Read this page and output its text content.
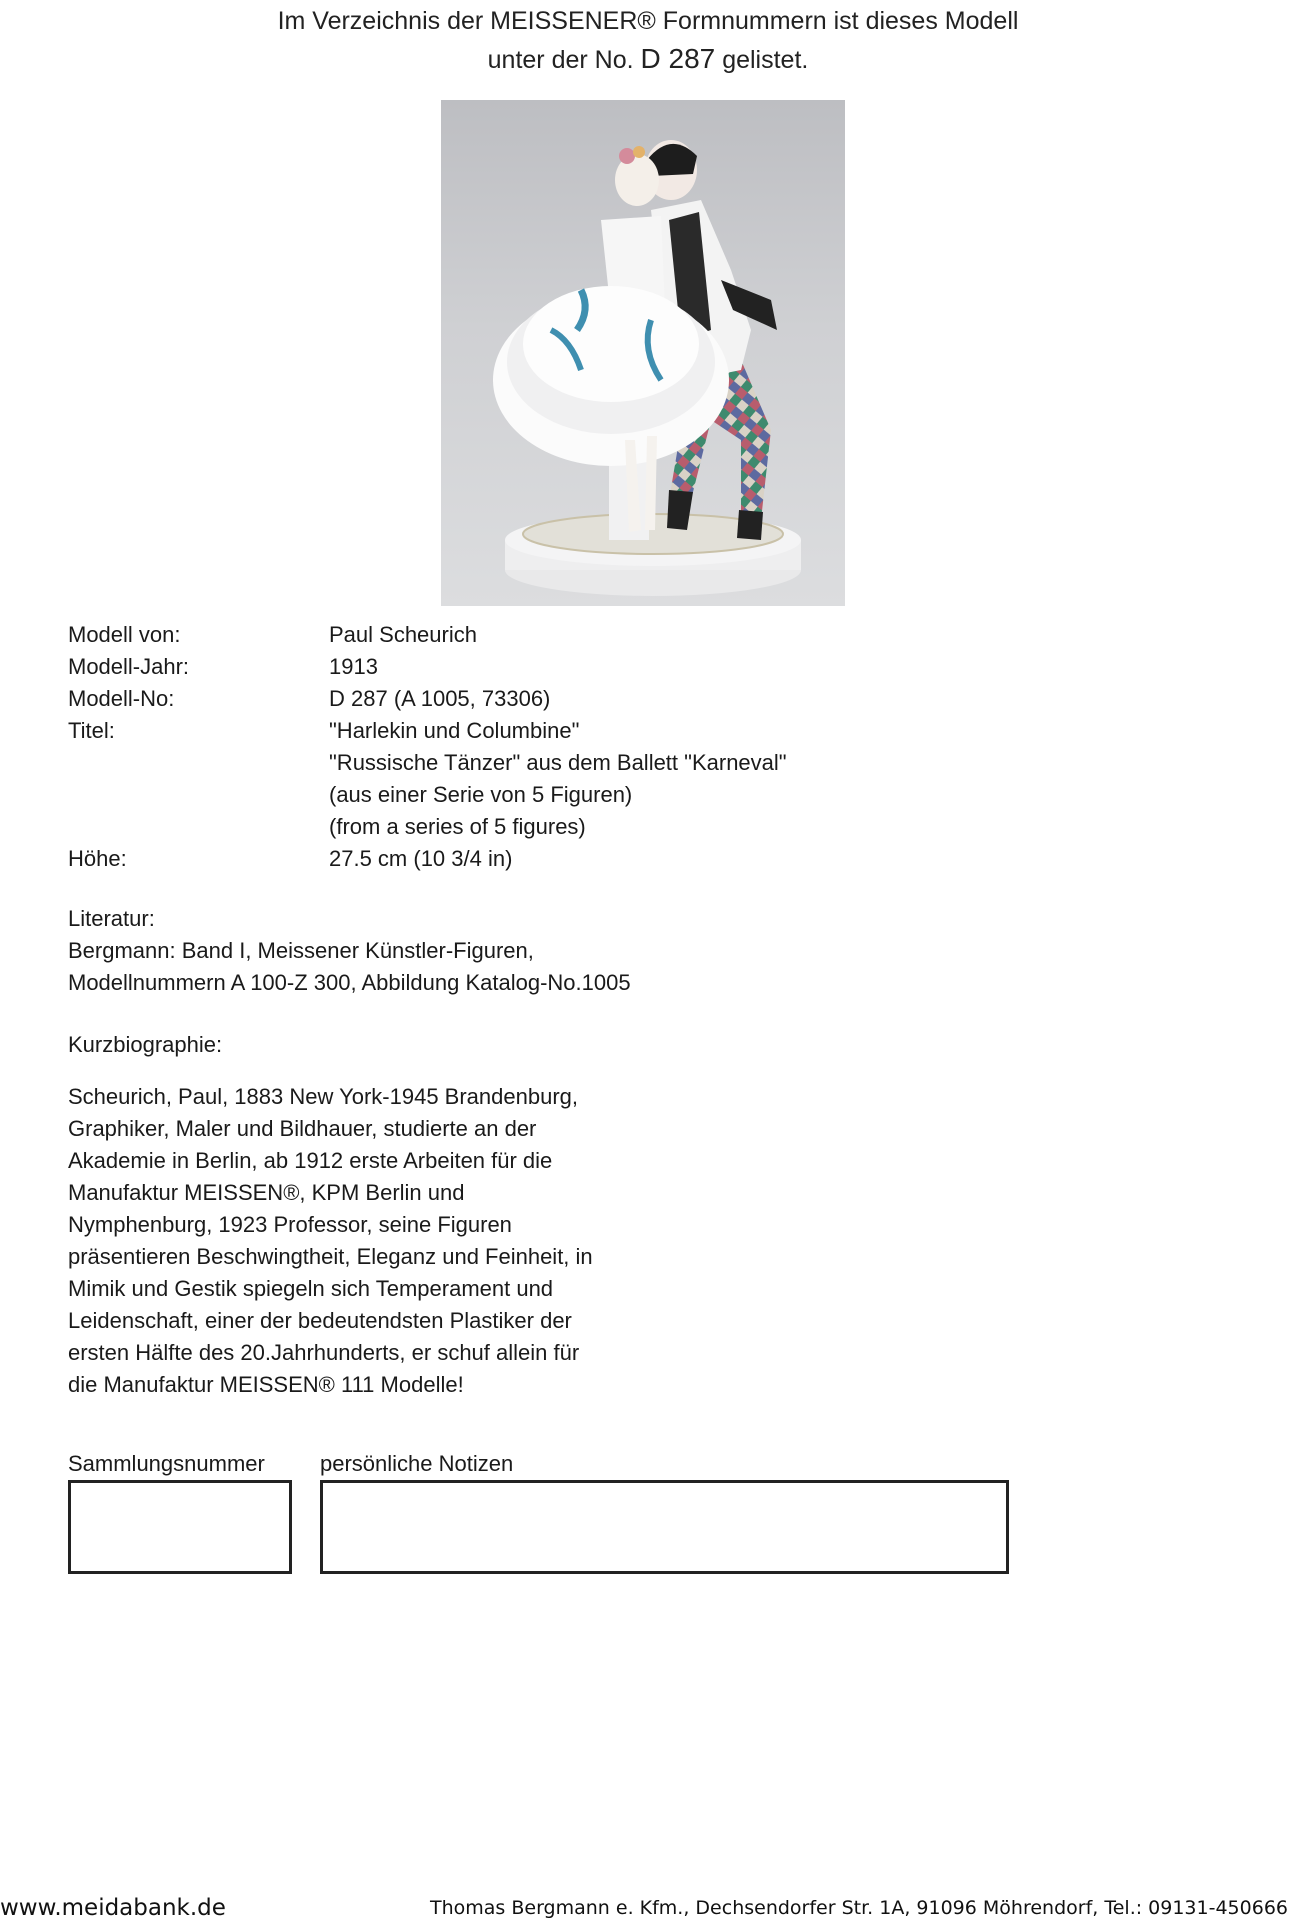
Im Verzeichnis der MEISSENER® Formnummern ist dieses Modell
unter der No. D 287 gelistet.
Modell von:	Paul Scheurich
Modell-Jahr:	1913
Modell-No:	D 287 (A 1005, 73306)
Titel:	"Harlekin und Columbine"
"Russische Tänzer" aus dem Ballett "Karneval"
(aus einer Serie von 5 Figuren)
(from a series of 5 figures)
Höhe:	27.5 cm (10 3/4 in)
Literatur:
Bergmann: Band I, Meissener Künstler-Figuren,
Modellnummern A 100-Z 300, Abbildung Katalog-No.1005
Kurzbiographie:
Scheurich, Paul, 1883 New York-1945 Brandenburg,
Graphiker, Maler und Bildhauer, studierte an der
Akademie in Berlin, ab 1912 erste Arbeiten für die
Manufaktur MEISSEN®, KPM Berlin und
Nymphenburg, 1923 Professor, seine Figuren
präsentieren Beschwingtheit, Eleganz und Feinheit, in
Mimik und Gestik spiegeln sich Temperament und
Leidenschaft, einer der bedeutendsten Plastiker der
ersten Hälfte des 20.Jahrhunderts, er schuf allein für
die Manufaktur MEISSEN® 111 Modelle!
Sammlungsnummer	persönliche Notizen
www.meidabank.de	Thomas Bergmann e. Kfm., Dechsendorfer Str. 1A, 91096 Möhrendorf, Tel.: 09131-450666
